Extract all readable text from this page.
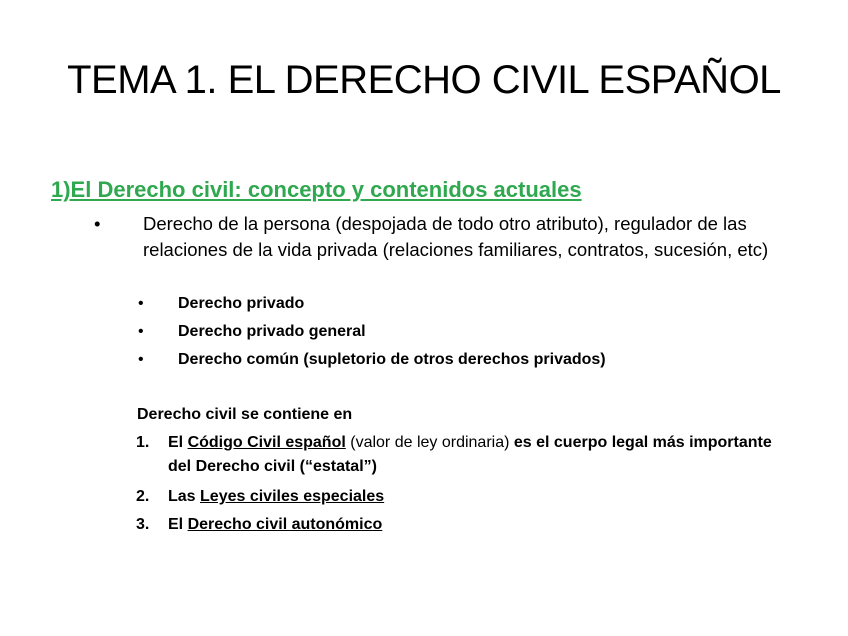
TEMA 1. EL DERECHO CIVIL ESPAÑOL
1)El Derecho civil: concepto y contenidos actuales
• Derecho de la persona (despojada de todo otro atributo), regulador de las relaciones de la vida privada (relaciones familiares, contratos, sucesión, etc)
• Derecho privado
• Derecho privado general
• Derecho común (supletorio de otros derechos privados)
Derecho civil se contiene en
1. El Código Civil español (valor de ley ordinaria) es el cuerpo legal más importante del Derecho civil (“estatal”)
2. Las Leyes civiles especiales
3. El Derecho civil autonómico
